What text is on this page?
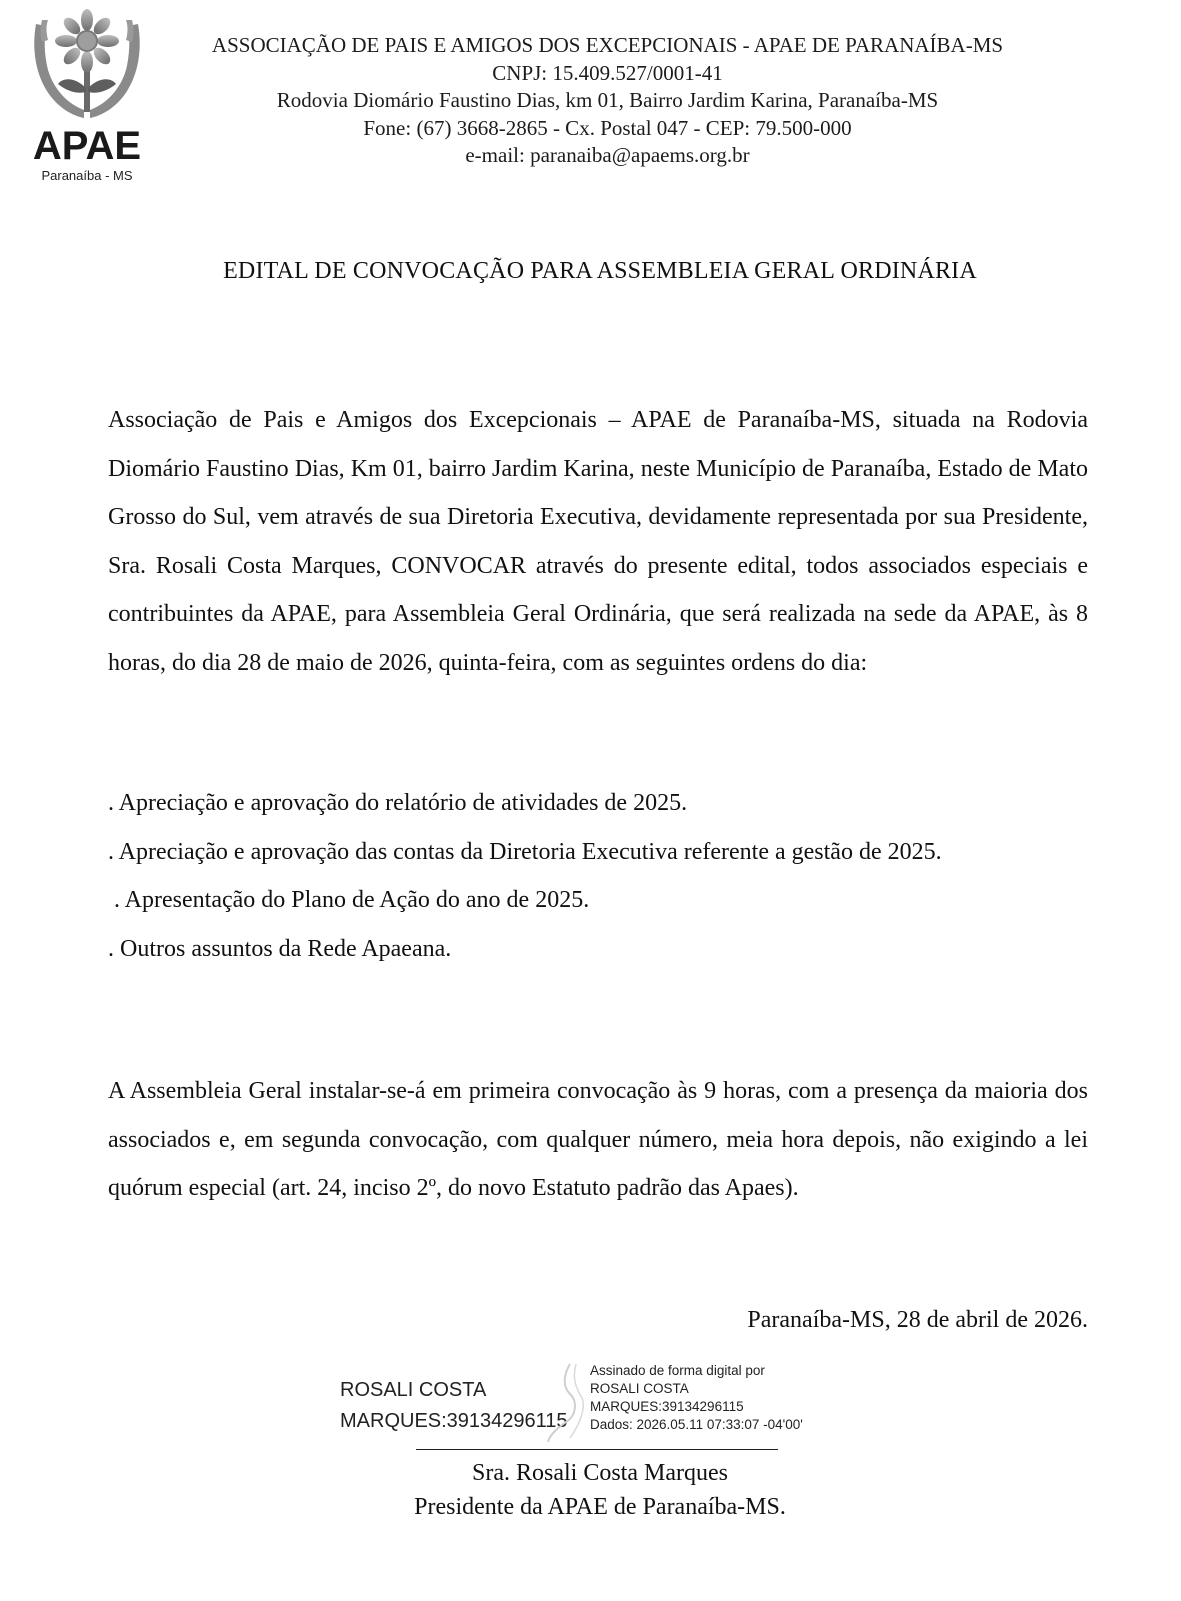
APAE
Paranaíba - MS
ASSOCIAÇÃO DE PAIS E AMIGOS DOS EXCEPCIONAIS - APAE DE PARANAÍBA-MS
CNPJ: 15.409.527/0001-41
Rodovia Diomário Faustino Dias, km 01, Bairro Jardim Karina, Paranaíba-MS
Fone: (67) 3668-2865 - Cx. Postal 047 - CEP: 79.500-000
e-mail: paranaiba@apaems.org.br
EDITAL DE CONVOCAÇÃO PARA ASSEMBLEIA GERAL ORDINÁRIA
Associação de Pais e Amigos dos Excepcionais – APAE de Paranaíba-MS, situada na Rodovia Diomário Faustino Dias, Km 01, bairro Jardim Karina, neste Município de Paranaíba, Estado de Mato Grosso do Sul, vem através de sua Diretoria Executiva, devidamente representada por sua Presidente, Sra. Rosali Costa Marques, CONVOCAR através do presente edital, todos associados especiais e contribuintes da APAE, para Assembleia Geral Ordinária, que será realizada na sede da APAE, às 8 horas, do dia 28 de maio de 2026, quinta-feira, com as seguintes ordens do dia:
. Apreciação e aprovação do relatório de atividades de 2025.
. Apreciação e aprovação das contas da Diretoria Executiva referente a gestão de 2025.
. Apresentação do Plano de Ação do ano de 2025.
. Outros assuntos da Rede Apaeana.
A Assembleia Geral instalar-se-á em primeira convocação às 9 horas, com a presença da maioria dos associados e, em segunda convocação, com qualquer número, meia hora depois, não exigindo a lei quórum especial (art. 24, inciso 2º, do novo Estatuto padrão das Apaes).
Paranaíba-MS, 28 de abril de 2026.
ROSALI COSTA
MARQUES:39134296115
Assinado de forma digital por
ROSALI COSTA
MARQUES:39134296115
Dados: 2026.05.11 07:33:07 -04'00'
Sra. Rosali Costa Marques
Presidente da APAE de Paranaíba-MS.
